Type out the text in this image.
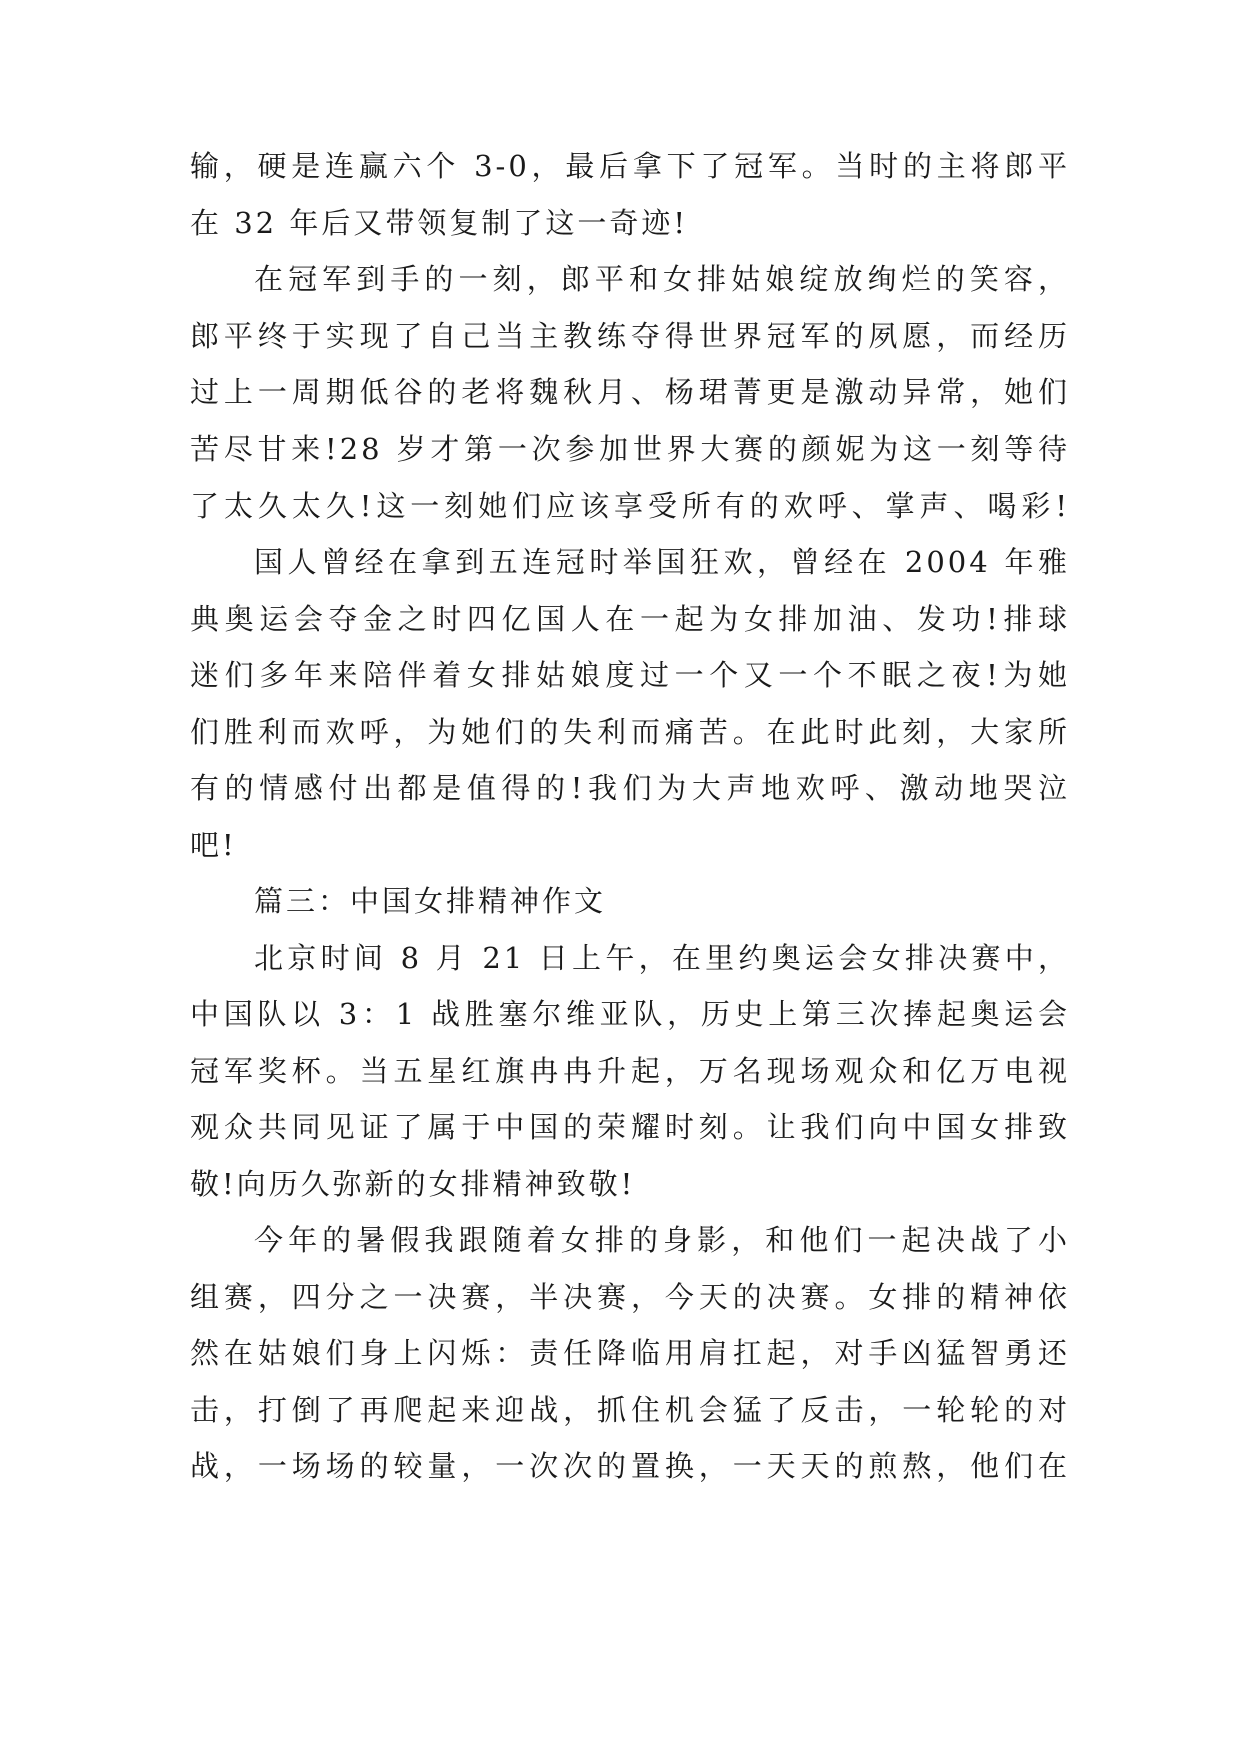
输，硬是连赢六个 3-0，最后拿下了冠军。当时的主将郎平
在 32 年后又带领复制了这一奇迹!
在冠军到手的一刻，郎平和女排姑娘绽放绚烂的笑容，
郎平终于实现了自己当主教练夺得世界冠军的夙愿，而经历
过上一周期低谷的老将魏秋月、杨珺菁更是激动异常，她们
苦尽甘来!28 岁才第一次参加世界大赛的颜妮为这一刻等待
了太久太久!这一刻她们应该享受所有的欢呼、掌声、喝彩!
国人曾经在拿到五连冠时举国狂欢，曾经在 2004 年雅
典奥运会夺金之时四亿国人在一起为女排加油、发功!排球
迷们多年来陪伴着女排姑娘度过一个又一个不眠之夜!为她
们胜利而欢呼，为她们的失利而痛苦。在此时此刻，大家所
有的情感付出都是值得的!我们为大声地欢呼、激动地哭泣
吧!
篇三：中国女排精神作文
北京时间 8 月 21 日上午，在里约奥运会女排决赛中，
中国队以 3：1 战胜塞尔维亚队，历史上第三次捧起奥运会
冠军奖杯。当五星红旗冉冉升起，万名现场观众和亿万电视
观众共同见证了属于中国的荣耀时刻。让我们向中国女排致
敬!向历久弥新的女排精神致敬!
今年的暑假我跟随着女排的身影，和他们一起决战了小
组赛，四分之一决赛，半决赛，今天的决赛。女排的精神依
然在姑娘们身上闪烁：责任降临用肩扛起，对手凶猛智勇还
击，打倒了再爬起来迎战，抓住机会猛了反击，一轮轮的对
战，一场场的较量，一次次的置换，一天天的煎熬，他们在
